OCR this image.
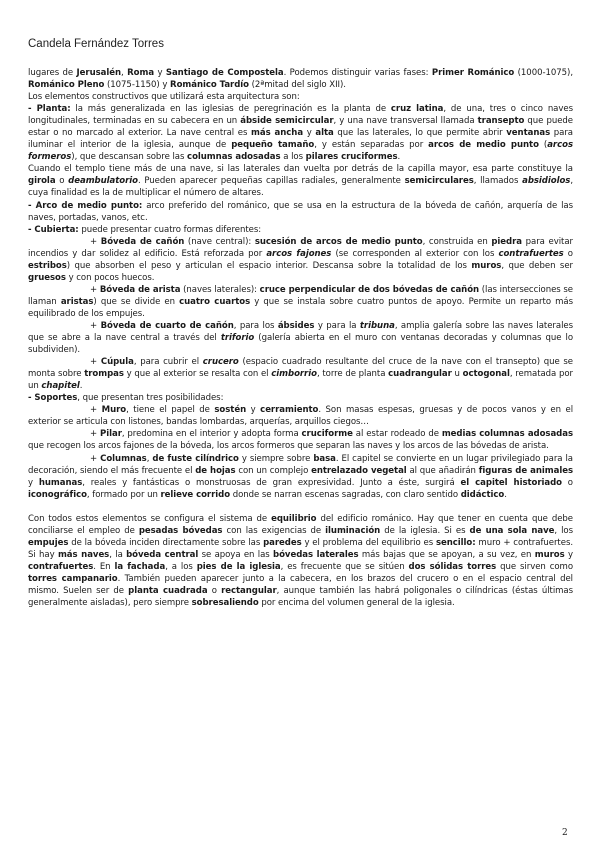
Candela Fernández Torres

lugares de Jerusalén, Roma y Santiago de Compostela. Podemos distinguir varias fases: Primer Románico (1000-1075), Románico Pleno (1075-1150) y Románico Tardío (2ªmitad del siglo XII).

Los elementos constructivos que utilizará esta arquitectura son:

- Planta: la más generalizada en las iglesias de peregrinación es la planta de cruz latina, de una, tres o cinco naves longitudinales, terminadas en su cabecera en un ábside semicircular, y una nave transversal llamada transepto que puede estar o no marcado al exterior. La nave central es más ancha y alta que las laterales, lo que permite abrir ventanas para iluminar el interior de la iglesia, aunque de pequeño tamaño, y están separadas por arcos de medio punto (arcos formeros), que descansan sobre las columnas adosadas a los pilares cruciformes.

Cuando el templo tiene más de una nave, si las laterales dan vuelta por detrás de la capilla mayor, esa parte constituye la girola o deambulatorio. Pueden aparecer pequeñas capillas radiales, generalmente semicirculares, llamados absidiolos, cuya finalidad es la de multiplicar el número de altares.

- Arco de medio punto: arco preferido del románico, que se usa en la estructura de la bóveda de cañón, arquería de las naves, portadas, vanos, etc.

- Cubierta: puede presentar cuatro formas diferentes:

+ Bóveda de cañón (nave central): sucesión de arcos de medio punto, construida en piedra para evitar incendios y dar solidez al edificio. Está reforzada por arcos fajones (se corresponden al exterior con los contrafuertes o estribos) que absorben el peso y articulan el espacio interior. Descansa sobre la totalidad de los muros, que deben ser gruesos y con pocos huecos.

+ Bóveda de arista (naves laterales): cruce perpendicular de dos bóvedas de cañón (las intersecciones se llaman aristas) que se divide en cuatro cuartos y que se instala sobre cuatro puntos de apoyo. Permite un reparto más equilibrado de los empujes.

+ Bóveda de cuarto de cañón, para los ábsides y para la tribuna, amplia galería sobre las naves laterales que se abre a la nave central a través del triforio (galería abierta en el muro con ventanas decoradas y columnas que lo subdividen).

+ Cúpula, para cubrir el crucero (espacio cuadrado resultante del cruce de la nave con el transepto) que se monta sobre trompas y que al exterior se resalta con el cimborrio, torre de planta cuadrangular u octogonal, rematada por un chapitel.

- Soportes, que presentan tres posibilidades:

+ Muro, tiene el papel de sostén y cerramiento. Son masas espesas, gruesas y de pocos vanos y en el exterior se articula con listones, bandas lombardas, arquerías, arquillos ciegos…

+ Pilar, predomina en el interior y adopta forma cruciforme al estar rodeado de medias columnas adosadas que recogen los arcos fajones de la bóveda, los arcos formeros que separan las naves y los arcos de las bóvedas de arista.

+ Columnas, de fuste cilíndrico y siempre sobre basa. El capitel se convierte en un lugar privilegiado para la decoración, siendo el más frecuente el de hojas con un complejo entrelazado vegetal al que añadirán figuras de animales y humanas, reales y fantásticas o monstruosas de gran expresividad. Junto a éste, surgirá el capitel historiado o iconográfico, formado por un relieve corrido donde se narran escenas sagradas, con claro sentido didáctico.

Con todos estos elementos se configura el sistema de equilibrio del edificio románico. Hay que tener en cuenta que debe conciliarse el empleo de pesadas bóvedas con las exigencias de iluminación de la iglesia. Si es de una sola nave, los empujes de la bóveda inciden directamente sobre las paredes y el problema del equilibrio es sencillo: muro + contrafuertes. Si hay más naves, la bóveda central se apoya en las bóvedas laterales más bajas que se apoyan, a su vez, en muros y contrafuertes. En la fachada, a los pies de la iglesia, es frecuente que se sitúen dos sólidas torres que sirven como torres campanario. También pueden aparecer junto a la cabecera, en los brazos del crucero o en el espacio central del mismo. Suelen ser de planta cuadrada o rectangular, aunque también las habrá poligonales o cilíndricas (éstas últimas generalmente aisladas), pero siempre sobresaliendo por encima del volumen general de la iglesia.

2
